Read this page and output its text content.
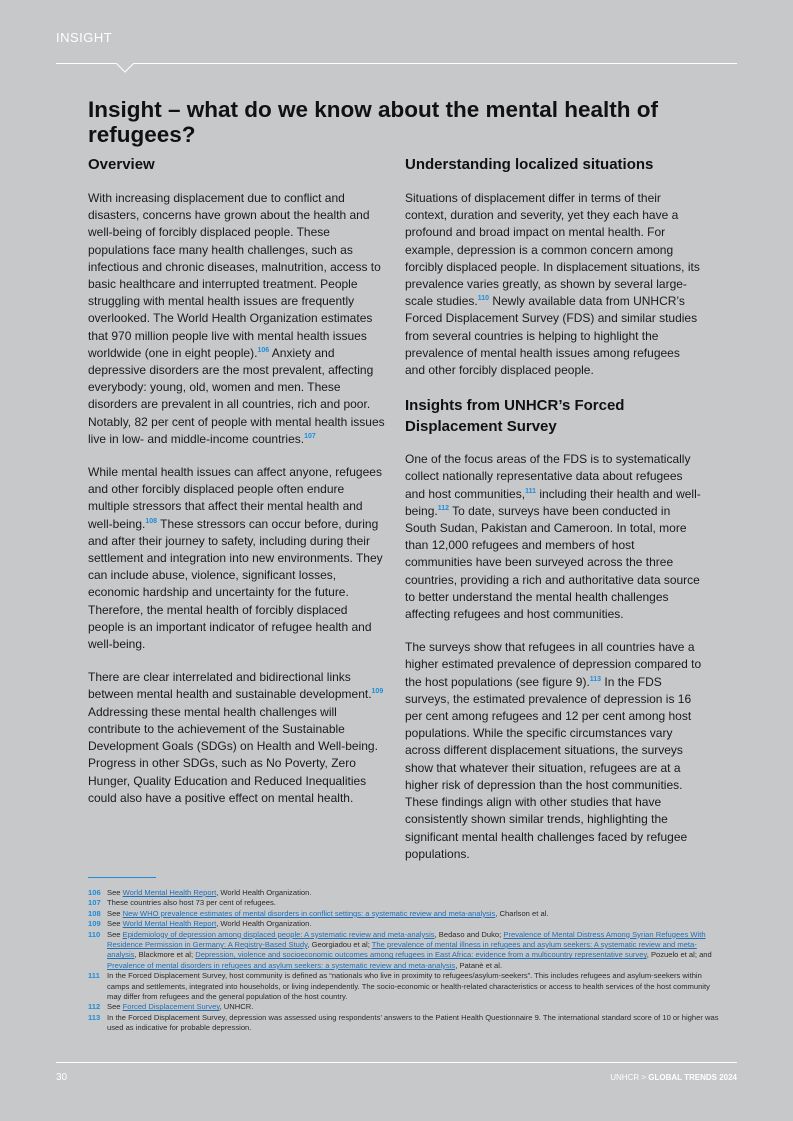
INSIGHT
Insight – what do we know about the mental health of refugees?
Overview

With increasing displacement due to conflict and disasters, concerns have grown about the health and well-being of forcibly displaced people. These populations face many health challenges, such as infectious and chronic diseases, malnutrition, access to basic healthcare and interrupted treatment. People struggling with mental health issues are frequently overlooked. The World Health Organization estimates that 970 million people live with mental health issues worldwide (one in eight people).$^{106}$ Anxiety and depressive disorders are the most prevalent, affecting everybody: young, old, women and men. These disorders are prevalent in all countries, rich and poor. Notably, 82 per cent of people with mental health issues live in low- and middle-income countries.$^{107}$

While mental health issues can affect anyone, refugees and other forcibly displaced people often endure multiple stressors that affect their mental health and well-being.$^{108}$ These stressors can occur before, during and after their journey to safety, including during their settlement and integration into new environments. They can include abuse, violence, significant losses, economic hardship and uncertainty for the future. Therefore, the mental health of forcibly displaced people is an important indicator of refugee health and well-being.

There are clear interrelated and bidirectional links between mental health and sustainable development.$^{109}$ Addressing these mental health challenges will contribute to the achievement of the Sustainable Development Goals (SDGs) on Health and Well-being. Progress in other SDGs, such as No Poverty, Zero Hunger, Quality Education and Reduced Inequalities could also have a positive effect on mental health.

Understanding localized situations

Situations of displacement differ in terms of their context, duration and severity, yet they each have a profound and broad impact on mental health. For example, depression is a common concern among forcibly displaced people. In displacement situations, its prevalence varies greatly, as shown by several large-scale studies.$^{110}$ Newly available data from UNHCR’s Forced Displacement Survey (FDS) and similar studies from several countries is helping to highlight the prevalence of mental health issues among refugees and other forcibly displaced people.

Insights from UNHCR’s Forced Displacement Survey

One of the focus areas of the FDS is to systematically collect nationally representative data about refugees and host communities,$^{111}$ including their health and well-being.$^{112}$ To date, surveys have been conducted in South Sudan, Pakistan and Cameroon. In total, more than 12,000 refugees and members of host communities have been surveyed across the three countries, providing a rich and authoritative data source to better understand the mental health challenges affecting refugees and host communities.

The surveys show that refugees in all countries have a higher estimated prevalence of depression compared to the host populations (see figure 9).$^{113}$ In the FDS surveys, the estimated prevalence of depression is 16 per cent among refugees and 12 per cent among host populations. While the specific circumstances vary across different displacement situations, the surveys show that whatever their situation, refugees are at a higher risk of depression than the host communities. These findings align with other studies that have consistently shown similar trends, highlighting the significant mental health challenges faced by refugee populations.

106 See World Mental Health Report, World Health Organization.
107 These countries also host 73 per cent of refugees.
108 See New WHO prevalence estimates of mental disorders in conflict settings: a systematic review and meta-analysis, Charlson et al.
109 See World Mental Health Report, World Health Organization.
110 See Epidemiology of depression among displaced people: A systematic review and meta-analysis, Bedaso and Duko; Prevalence of Mental Distress Among Syrian Refugees With Residence Permission in Germany: A Registry-Based Study, Georgiadou et al; The prevalence of mental illness in refugees and asylum seekers: A systematic review and meta-analysis, Blackmore et al; Depression, violence and socioeconomic outcomes among refugees in East Africa: evidence from a multicountry representative survey, Pozuelo et al; and Prevalence of mental disorders in refugees and asylum seekers: a systematic review and meta-analysis, Patanè et al.
111 In the Forced Displacement Survey, host community is defined as “nationals who live in proximity to refugees/asylum-seekers”. This includes refugees and asylum-seekers within camps and settlements, integrated into households, or living independently. The socio-economic or health-related characteristics or access to health services of the host community may differ from refugees and the general population of the host country.
112 See Forced Displacement Survey, UNHCR.
113 In the Forced Displacement Survey, depression was assessed using respondents’ answers to the Patient Health Questionnaire 9. The international standard score of 10 or higher was used as indicative for probable depression.
30	UNHCR > GLOBAL TRENDS 2024
